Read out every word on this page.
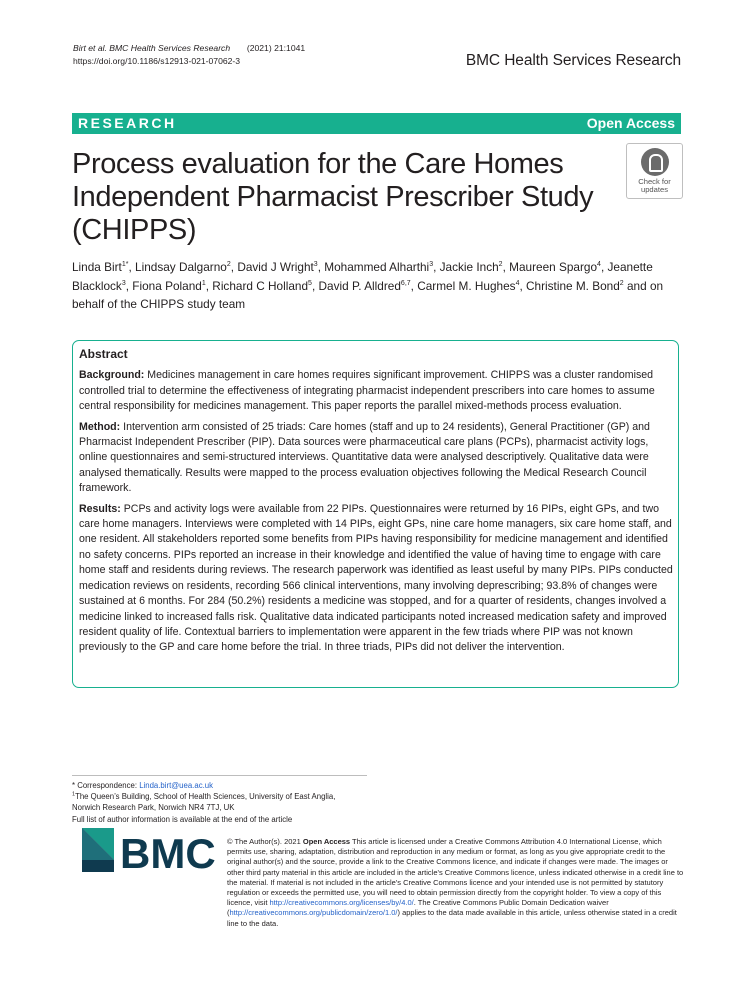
Birt et al. BMC Health Services Research (2021) 21:1041
https://doi.org/10.1186/s12913-021-07062-3	BMC Health Services Research
RESEARCH	Open Access
Process evaluation for the Care Homes Independent Pharmacist Prescriber Study (CHIPPS)
Check for
updates
Linda Birt$^{1*}$, Lindsay Dalgarno$^2$, David J Wright$^3$, Mohammed Alharthi$^3$, Jackie Inch$^2$, Maureen Spargo$^4$, Jeanette Blacklock$^3$, Fiona Poland$^1$, Richard C Holland$^5$, David P. Alldred$^{6,7}$, Carmel M. Hughes$^4$, Christine M. Bond$^2$ and on behalf of the CHIPPS study team
Abstract

Background: Medicines management in care homes requires significant improvement. CHIPPS was a cluster randomised controlled trial to determine the effectiveness of integrating pharmacist independent prescribers into care homes to assume central responsibility for medicines management. This paper reports the parallel mixed-methods process evaluation.

Method: Intervention arm consisted of 25 triads: Care homes (staff and up to 24 residents), General Practitioner (GP) and Pharmacist Independent Prescriber (PIP). Data sources were pharmaceutical care plans (PCPs), pharmacist activity logs, online questionnaires and semi-structured interviews. Quantitative data were analysed descriptively. Qualitative data were analysed thematically. Results were mapped to the process evaluation objectives following the Medical Research Council framework.

Results: PCPs and activity logs were available from 22 PIPs. Questionnaires were returned by 16 PIPs, eight GPs, and two care home managers. Interviews were completed with 14 PIPs, eight GPs, nine care home managers, six care home staff, and one resident. All stakeholders reported some benefits from PIPs having responsibility for medicine management and identified no safety concerns. PIPs reported an increase in their knowledge and identified the value of having time to engage with care home staff and residents during reviews. The research paperwork was identified as least useful by many PIPs. PIPs conducted medication reviews on residents, recording 566 clinical interventions, many involving deprescribing; 93.8% of changes were sustained at 6 months. For 284 (50.2%) residents a medicine was stopped, and for a quarter of residents, changes involved a medicine linked to increased falls risk. Qualitative data indicated participants noted increased medication safety and improved resident quality of life. Contextual barriers to implementation were apparent in the few triads where PIP was not known previously to the GP and care home before the trial. In three triads, PIPs did not deliver the intervention.

* Correspondence: Linda.birt@uea.ac.uk
$^1$The Queen’s Building, School of Health Sciences, University of East Anglia,
Norwich Research Park, Norwich NR4 7TJ, UK
Full list of author information is available at the end of the article
BMC © The Author(s). 2021 Open Access This article is licensed under a Creative Commons Attribution 4.0 International License, which permits use, sharing, adaptation, distribution and reproduction in any medium or format, as long as you give appropriate credit to the original author(s) and the source, provide a link to the Creative Commons licence, and indicate if changes were made. The images or other third party material in this article are included in the article's Creative Commons licence, unless indicated otherwise in a credit line to the material. If material is not included in the article's Creative Commons licence and your intended use is not permitted by statutory regulation or exceeds the permitted use, you will need to obtain permission directly from the copyright holder. To view a copy of this licence, visit http://creativecommons.org/licenses/by/4.0/. The Creative Commons Public Domain Dedication waiver (http://creativecommons.org/publicdomain/zero/1.0/) applies to the data made available in this article, unless otherwise stated in a credit line to the data.
